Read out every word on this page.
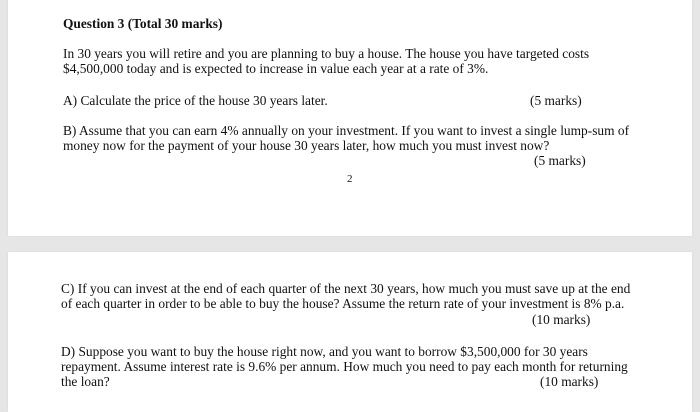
Question 3 (Total 30 marks)
In 30 years you will retire and you are planning to buy a house. The house you have targeted costs
$4,500,000 today and is expected to increase in value each year at a rate of 3%.
A) Calculate the price of the house 30 years later.	(5 marks)
B) Assume that you can earn 4% annually on your investment. If you want to invest a single lump-sum of
money now for the payment of your house 30 years later, how much you must invest now?
(5 marks)
2
C) If you can invest at the end of each quarter of the next 30 years, how much you must save up at the end
of each quarter in order to be able to buy the house? Assume the return rate of your investment is 8% p.a.
(10 marks)
D) Suppose you want to buy the house right now, and you want to borrow $3,500,000 for 30 years
repayment. Assume interest rate is 9.6% per annum. How much you need to pay each month for returning
the loan?	(10 marks)
